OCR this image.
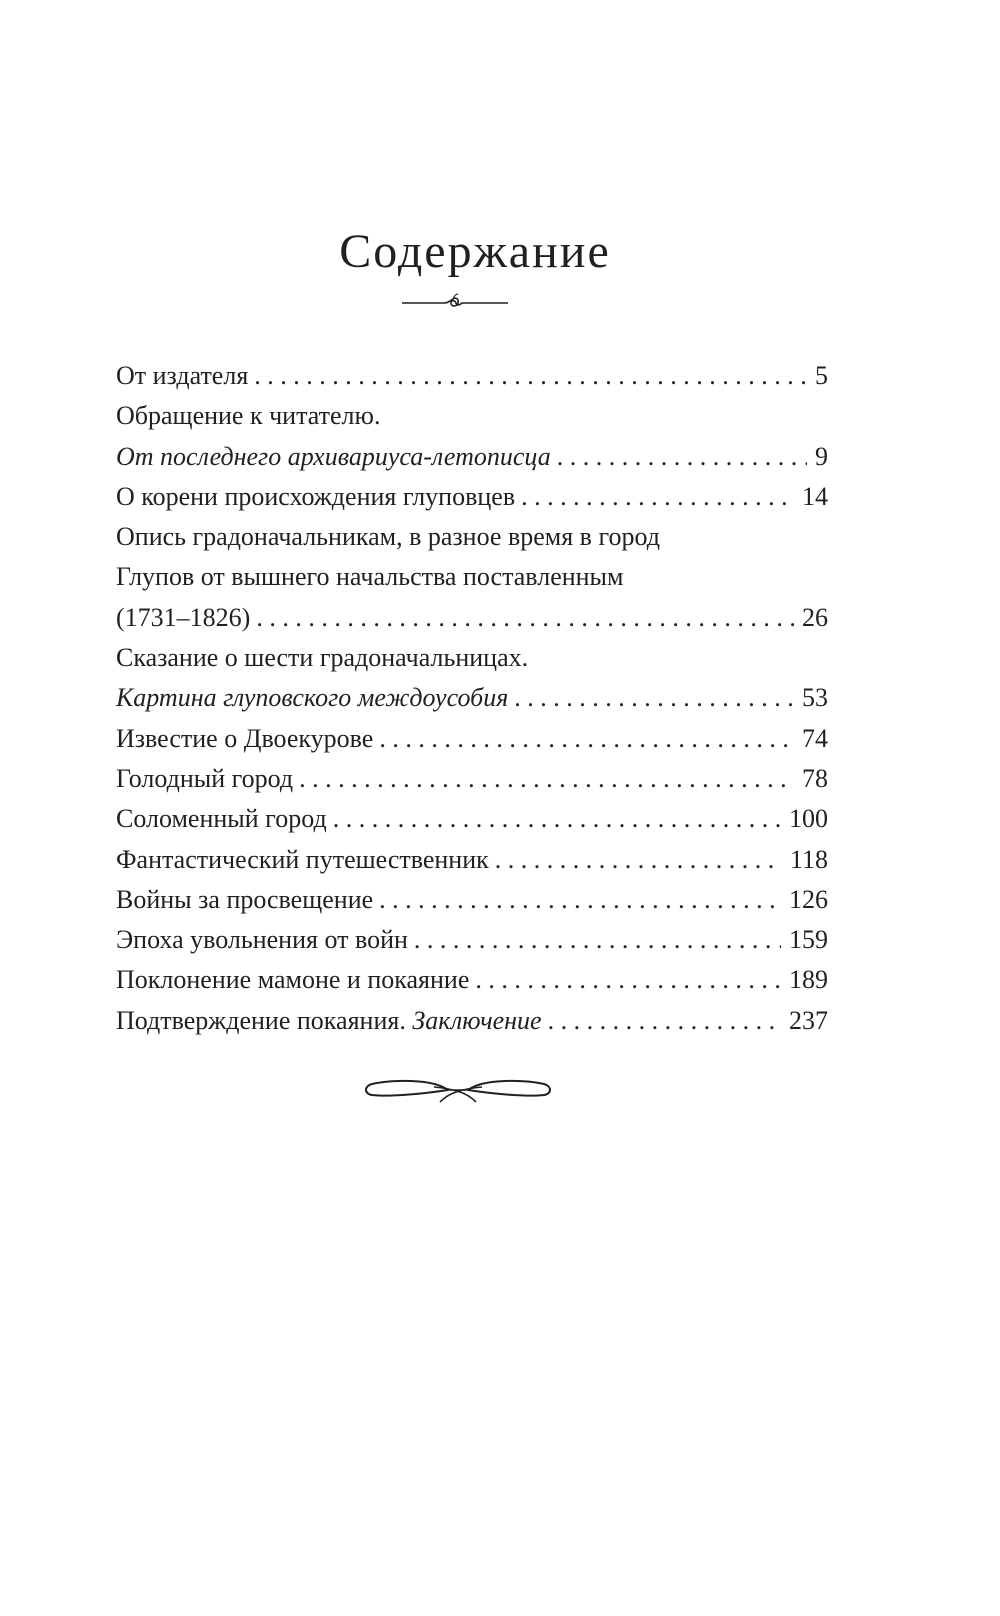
Содержание
От издателя . . .	5
Обращение к читателю.
От последнего архивариуса-летописца . . .	9
О корени происхождения глуповцев . . .	14
Опись градоначальникам, в разное время в город
Глупов от вышнего начальства поставленным
(1731–1826) . . .	26
Сказание о шести градоначальницах.
Картина глуповского междоусобия . . .	53
Известие о Двоекурове . . .	74
Голодный город . . .	78
Соломенный город . . .	100
Фантастический путешественник . . .	118
Войны за просвещение . . .	126
Эпоха увольнения от войн . . .	159
Поклонение мамоне и покаяние . . .	189
Подтверждение покаяния. Заключение . . .	237
